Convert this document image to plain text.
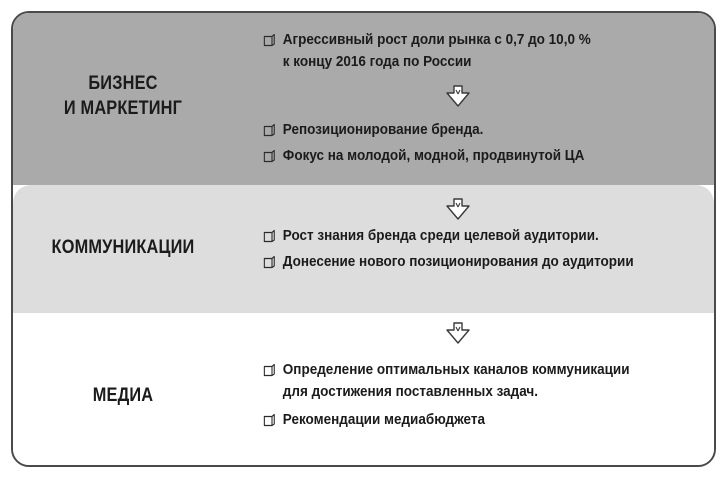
БИЗНЕС
И МАРКЕТИНГ
Агрессивный рост доли рынка с 0,7 до 10,0 %
к концу 2016 года по России
Репозиционирование бренда.
Фокус на молодой, модной, продвинутой ЦА
КОММУНИКАЦИИ
Рост знания бренда среди целевой аудитории.
Донесение нового позиционирования до аудитории
МЕДИА
Определение оптимальных каналов коммуникации
для достижения поставленных задач.
Рекомендации медиабюджета
